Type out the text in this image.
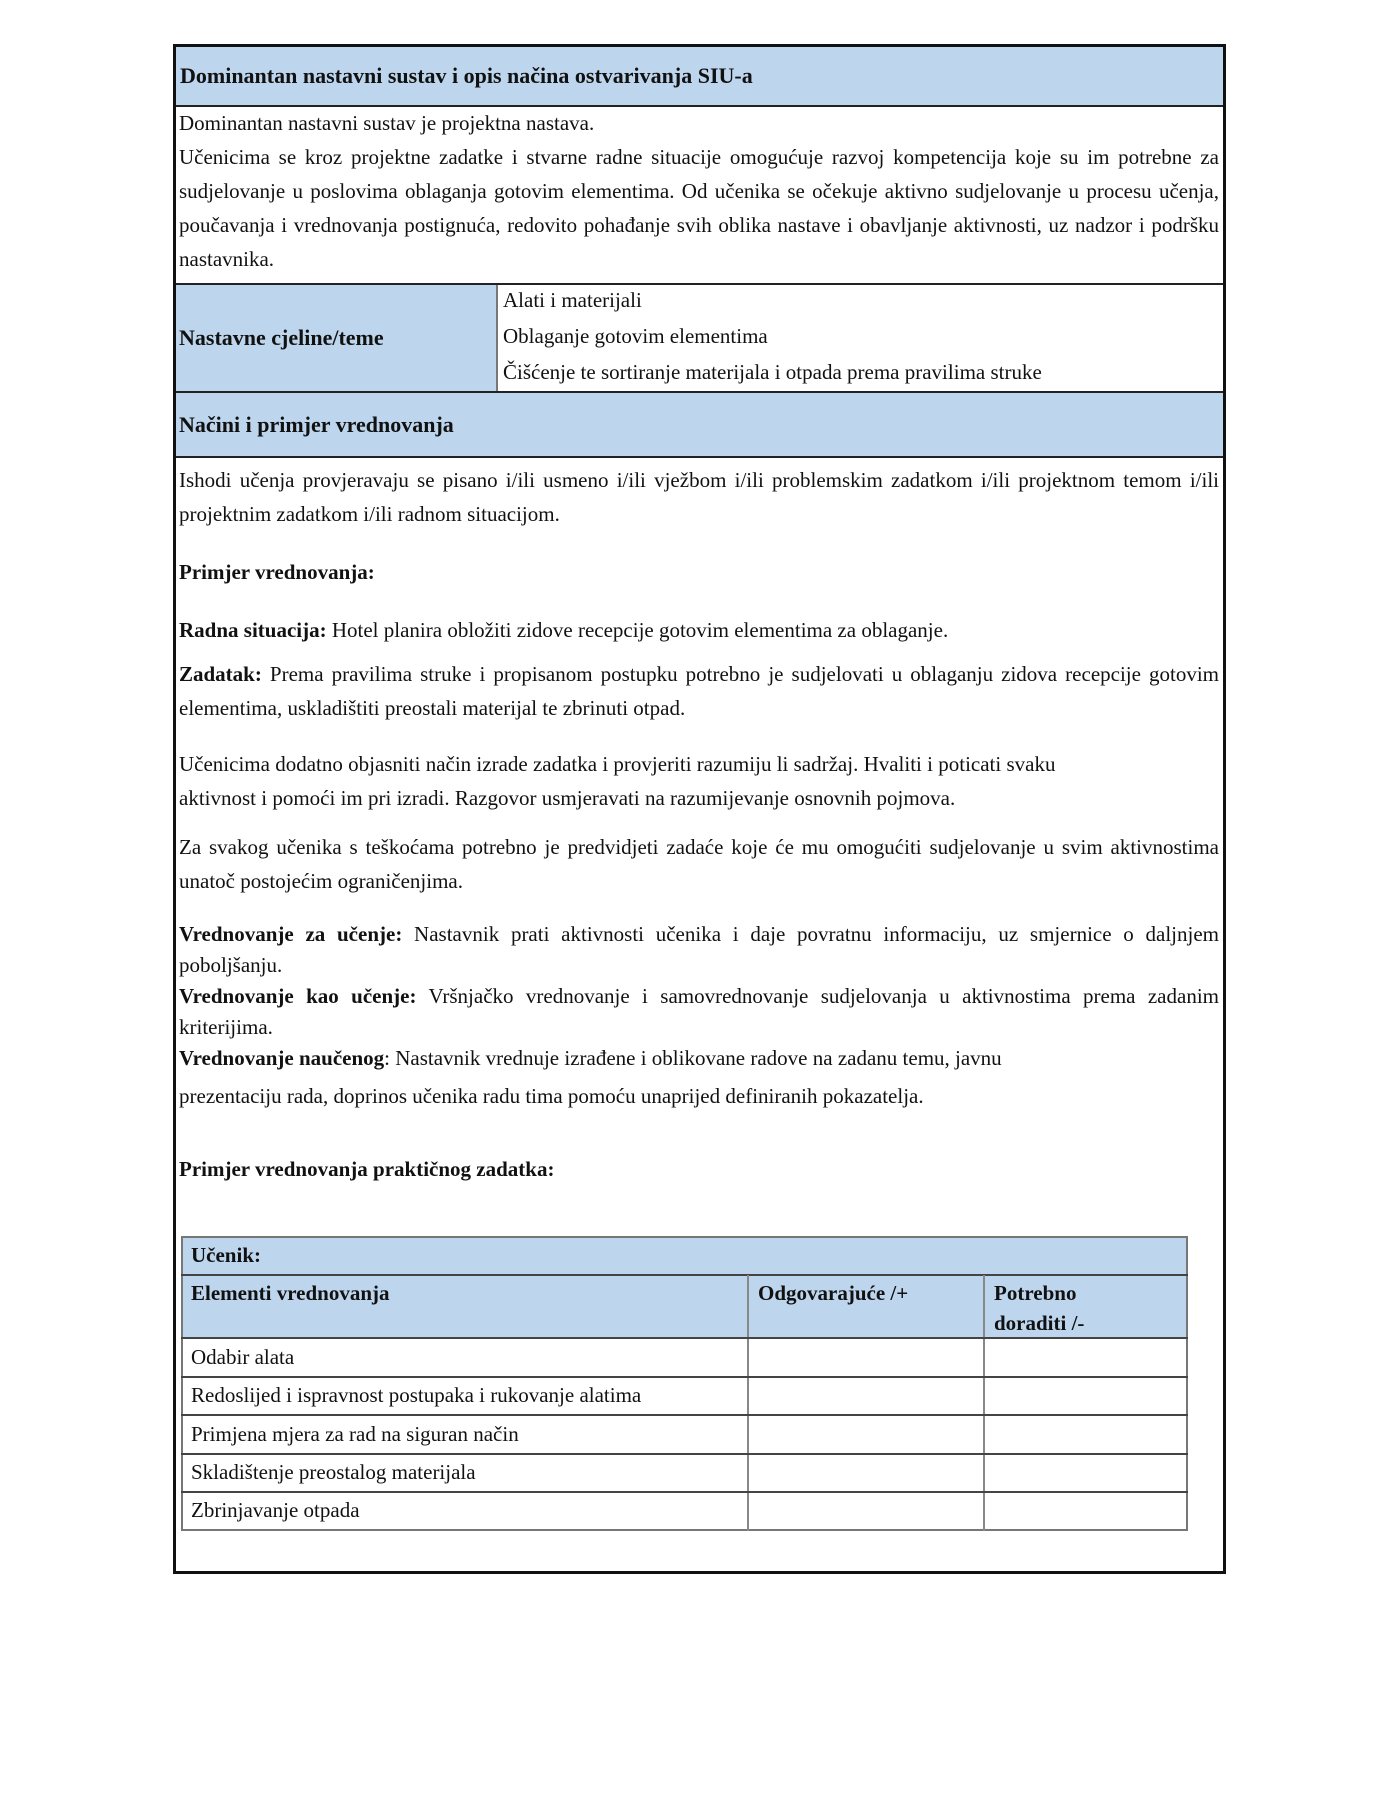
Dominantan nastavni sustav i opis načina ostvarivanja SIU-a
Dominantan nastavni sustav je projektna nastava.
Učenicima se kroz projektne zadatke i stvarne radne situacije omogućuje razvoj kompetencija koje su im potrebne za sudjelovanje u poslovima oblaganja gotovim elementima. Od učenika se očekuje aktivno sudjelovanje u procesu učenja, poučavanja i vrednovanja postignuća, redovito pohađanje svih oblika nastave i obavljanje aktivnosti, uz nadzor i podršku nastavnika.
Nastavne cjeline/teme
Alati i materijali
Oblaganje gotovim elementima
Čišćenje te sortiranje materijala i otpada prema pravilima struke
Načini i primjer vrednovanja
Ishodi učenja provjeravaju se pisano i/ili usmeno i/ili vježbom i/ili problemskim zadatkom i/ili projektnom temom i/ili projektnim zadatkom i/ili radnom situacijom.
Primjer vrednovanja:
Radna situacija: Hotel planira obložiti zidove recepcije gotovim elementima za oblaganje.
Zadatak: Prema pravilima struke i propisanom postupku potrebno je sudjelovati u oblaganju zidova recepcije gotovim elementima, uskladištiti preostali materijal te zbrinuti otpad.
Učenicima dodatno objasniti način izrade zadatka i provjeriti razumiju li sadržaj. Hvaliti i poticati svaku aktivnost i pomoći im pri izradi. Razgovor usmjeravati na razumijevanje osnovnih pojmova.
Za svakog učenika s teškoćama potrebno je predvidjeti zadaće koje će mu omogućiti sudjelovanje u svim aktivnostima unatoč postojećim ograničenjima.
Vrednovanje za učenje: Nastavnik prati aktivnosti učenika i daje povratnu informaciju, uz smjernice o daljnjem poboljšanju.
Vrednovanje kao učenje: Vršnjačko vrednovanje i samovrednovanje sudjelovanja u aktivnostima prema zadanim kriterijima.
Vrednovanje naučenog: Nastavnik vrednuje izrađene i oblikovane radove na zadanu temu, javnu
prezentaciju rada, doprinos učenika radu tima pomoću unaprijed definiranih pokazatelja.
Primjer vrednovanja praktičnog zadatka:
Učenik:
Elementi vrednovanja	Odgovarajuće /+	Potrebno doraditi /-
Odabir alata
Redoslijed i ispravnost postupaka i rukovanje alatima
Primjena mjera za rad na siguran način
Skladištenje preostalog materijala
Zbrinjavanje otpada
